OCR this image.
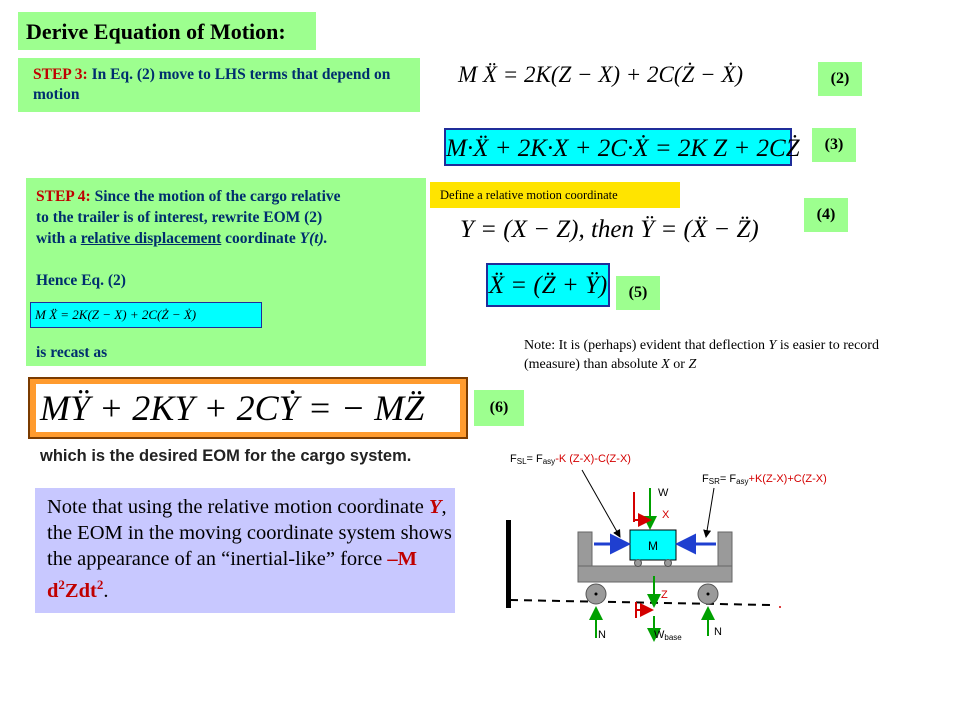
Derive Equation of Motion:
STEP 3: In Eq. (2) move to LHS terms that depend on motion
M Ẍ = 2K(Z − X) + 2C(Ż − Ẋ)	(2)
M·Ẍ + 2K·X + 2C·Ẋ = 2K Z + 2CŻ	(3)
STEP 4: Since the motion of the cargo relative
to the trailer is of interest, rewrite EOM (2)
with a relative displacement coordinate Y(t).
Hence Eq. (2)
M Ẍ = 2K(Z − X) + 2C(Ż − Ẋ)
is recast as
Define a relative motion coordinate
Y = (X − Z), then Ÿ = (Ẍ − Z̈)
(4)
Ẍ = (Z̈ + Ÿ)	(5)
Note: It is (perhaps) evident that deflection Y is easier to record (measure) than absolute X or Z
MŸ + 2KY + 2CẎ = − MZ̈	(6)
which is the desired EOM for the cargo system.
Note that using the relative motion coordinate Y, the EOM in the moving coordinate system shows the appearance of an “inertial-like” force –M $d^2Zdt^2$.
FSL= Fasy-K (Z-X)-C(Z-X)
FSR= Fasy+K(Z-X)+C(Z-X)
M
W
X
Z
N	N
Wbase
